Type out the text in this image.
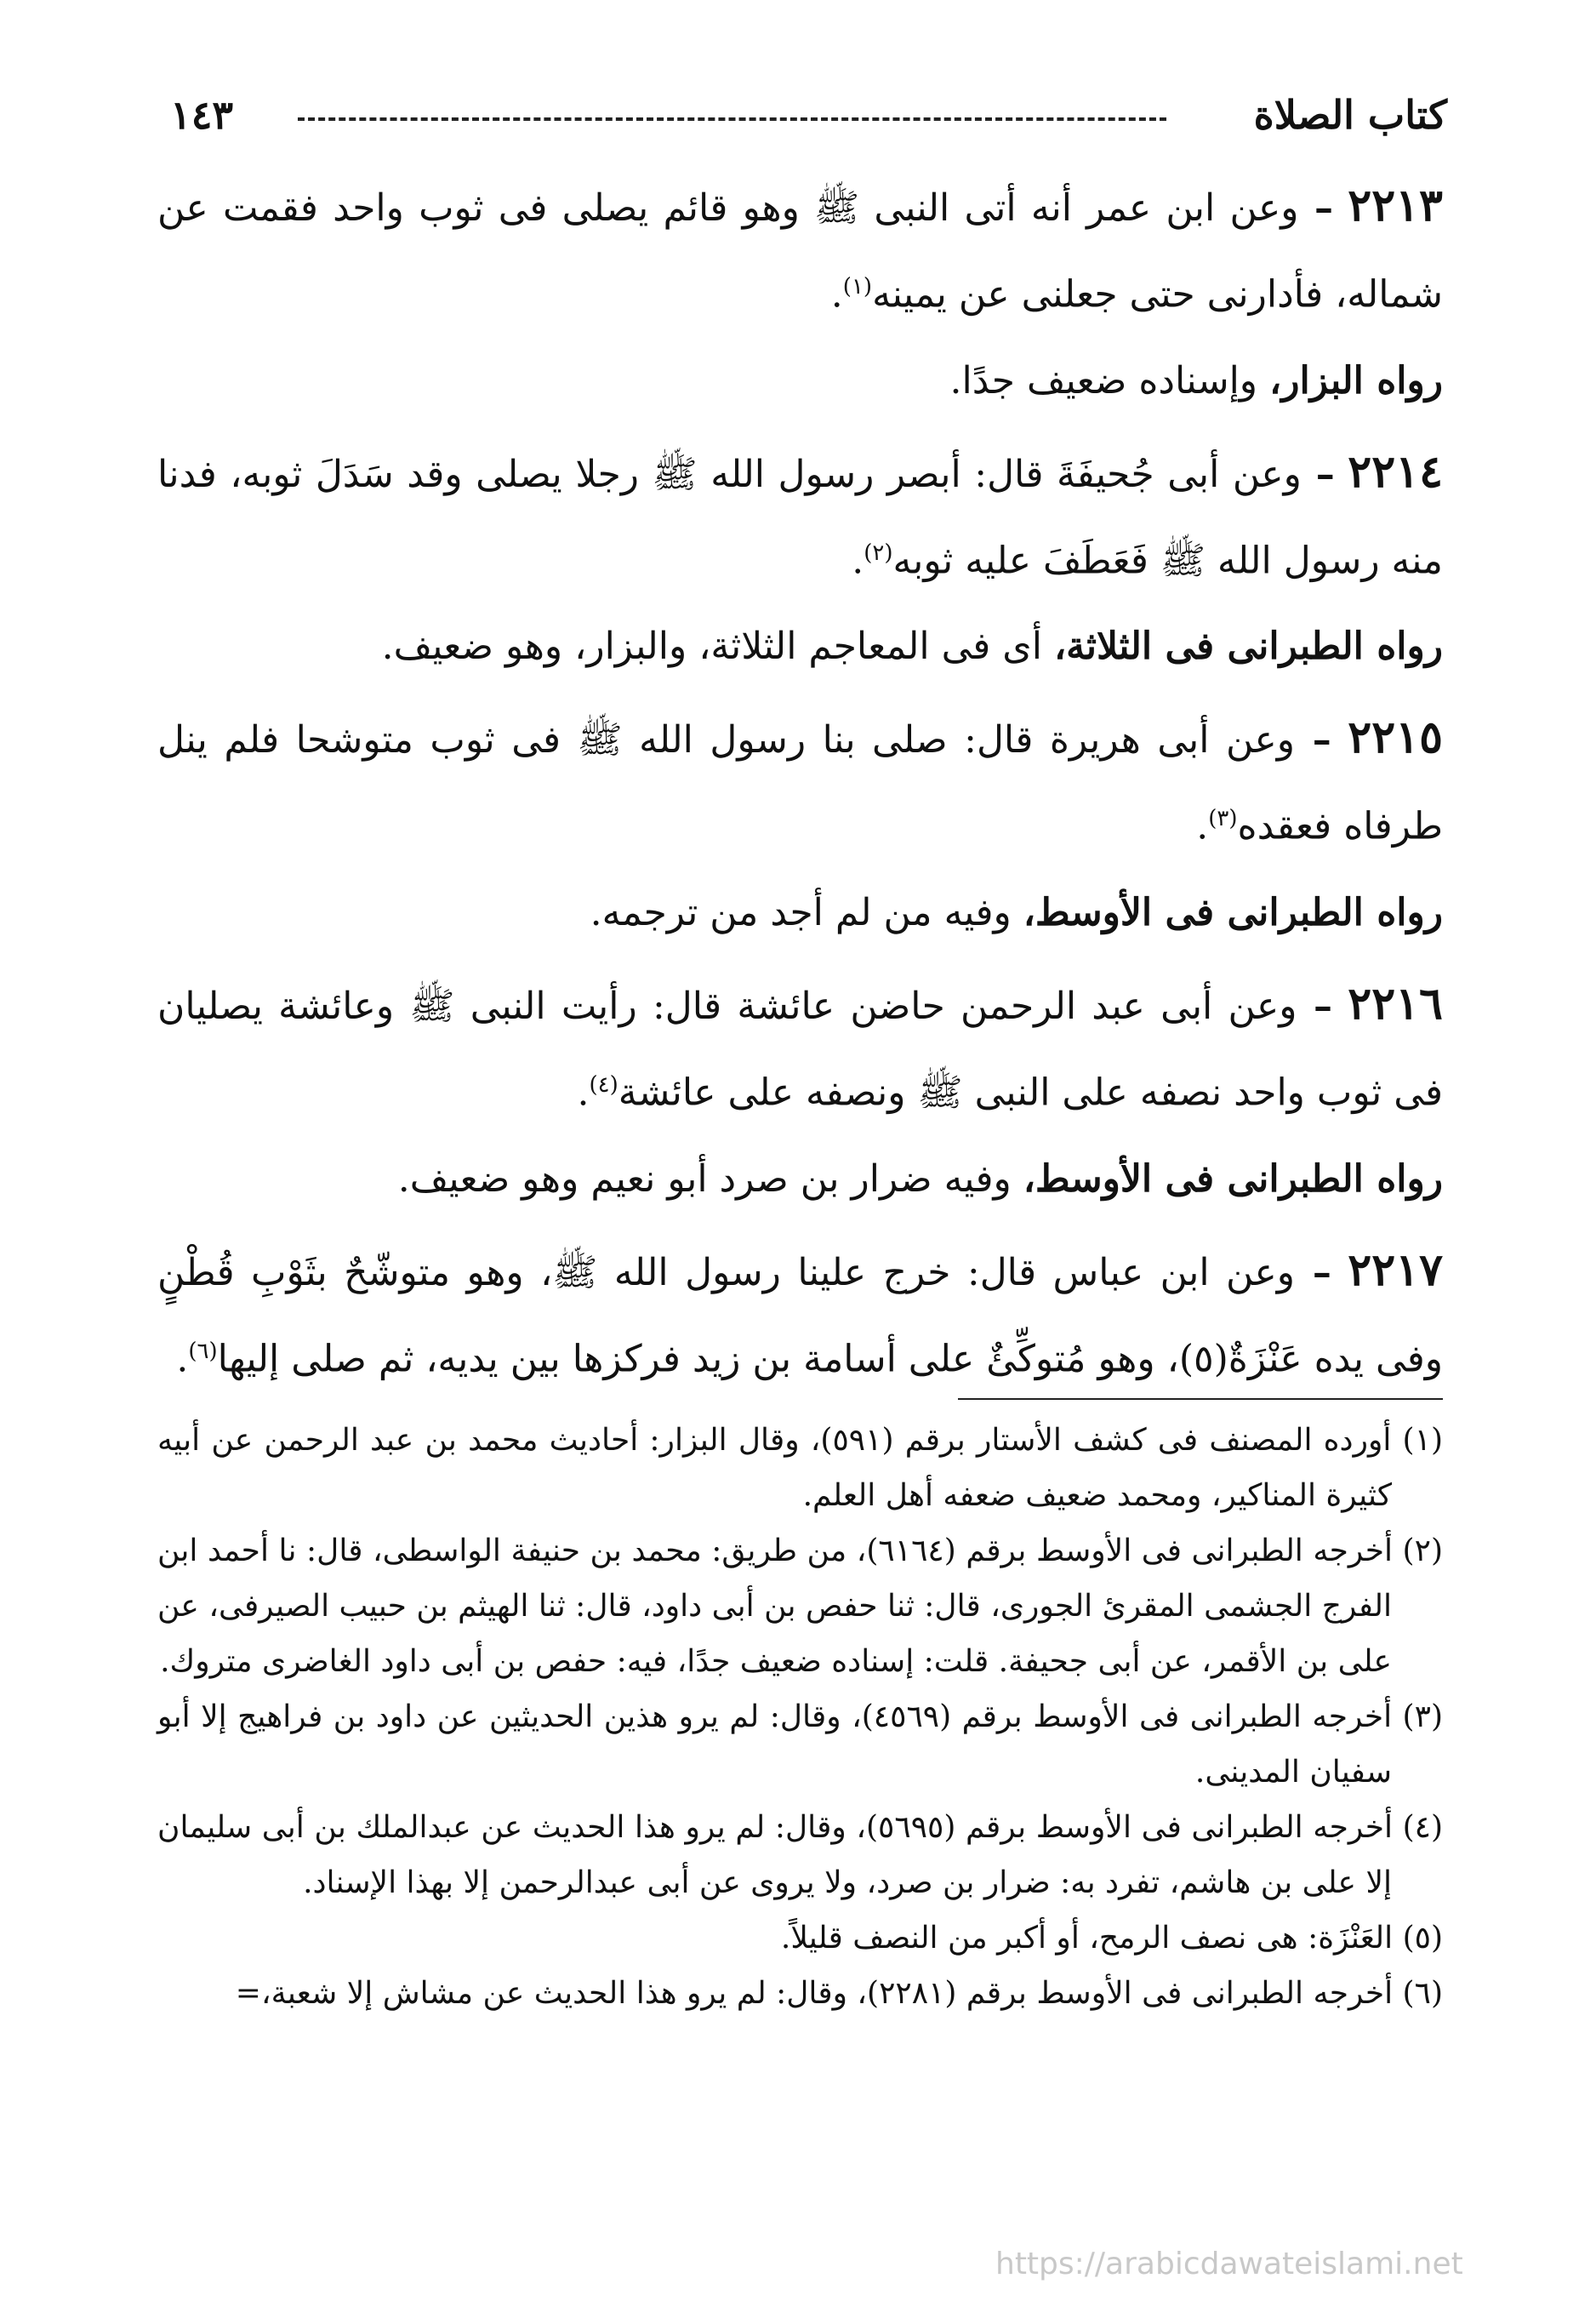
كتاب الصلاة
١٤٣

٢٢١٣ – وعن ابن عمر أنه أتى النبى ﷺ وهو قائم يصلى فى ثوب واحد فقمت عن شماله، فأدارنى حتى جعلنى عن يمينه$^{(١)}$.

رواه البزار، وإسناده ضعيف جدًا.

٢٢١٤ – وعن أبى جُحيفَةَ قال: أبصر رسول الله ﷺ رجلا يصلى وقد سَدَلَ ثوبه، فدنا منه رسول الله ﷺ فَعَطَفَ عليه ثوبه$^{(٢)}$.

رواه الطبرانى فى الثلاثة، أى فى المعاجم الثلاثة، والبزار، وهو ضعيف.

٢٢١٥ – وعن أبى هريرة قال: صلى بنا رسول الله ﷺ فى ثوب متوشحا فلم ينل طرفاه فعقده$^{(٣)}$.

رواه الطبرانى فى الأوسط، وفيه من لم أجد من ترجمه.

٢٢١٦ – وعن أبى عبد الرحمن حاضن عائشة قال: رأيت النبى ﷺ وعائشة يصليان فى ثوب واحد نصفه على النبى ﷺ ونصفه على عائشة$^{(٤)}$.

رواه الطبرانى فى الأوسط، وفيه ضرار بن صرد أبو نعيم وهو ضعيف.

٢٢١٧ – وعن ابن عباس قال: خرج علينا رسول الله ﷺ، وهو متوشّحٌ بثَوْبِ قُطْنٍ وفى يده عَنْزَةٌ(٥)، وهو مُتوكِّئٌ على أسامة بن زيد فركزها بين يديه، ثم صلى إليها$^{(٦)}$.

(١) أورده المصنف فى كشف الأستار برقم (٥٩١)، وقال البزار: أحاديث محمد بن عبد الرحمن عن أبيه كثيرة المناكير، ومحمد ضعيف ضعفه أهل العلم.

(٢) أخرجه الطبرانى فى الأوسط برقم (٦١٦٤)، من طريق: محمد بن حنيفة الواسطى، قال: نا أحمد ابن الفرج الجشمى المقرئ الجورى، قال: ثنا حفص بن أبى داود، قال: ثنا الهيثم بن حبيب الصيرفى، عن على بن الأقمر، عن أبى جحيفة. قلت: إسناده ضعيف جدًا، فيه: حفص بن أبى داود الغاضرى متروك.

(٣) أخرجه الطبرانى فى الأوسط برقم (٤٥٦٩)، وقال: لم يرو هذين الحديثين عن داود بن فراهيج إلا أبو سفيان المدينى.

(٤) أخرجه الطبرانى فى الأوسط برقم (٥٦٩٥)، وقال: لم يرو هذا الحديث عن عبدالملك بن أبى سليمان إلا على بن هاشم، تفرد به: ضرار بن صرد، ولا يروى عن أبى عبدالرحمن إلا بهذا الإسناد.

(٥) العَنْزَة: هى نصف الرمح، أو أكبر من النصف قليلاً.

(٦) أخرجه الطبرانى فى الأوسط برقم (٢٢٨١)، وقال: لم يرو هذا الحديث عن مشاش إلا شعبة،=

https://arabicdawateislami.net
